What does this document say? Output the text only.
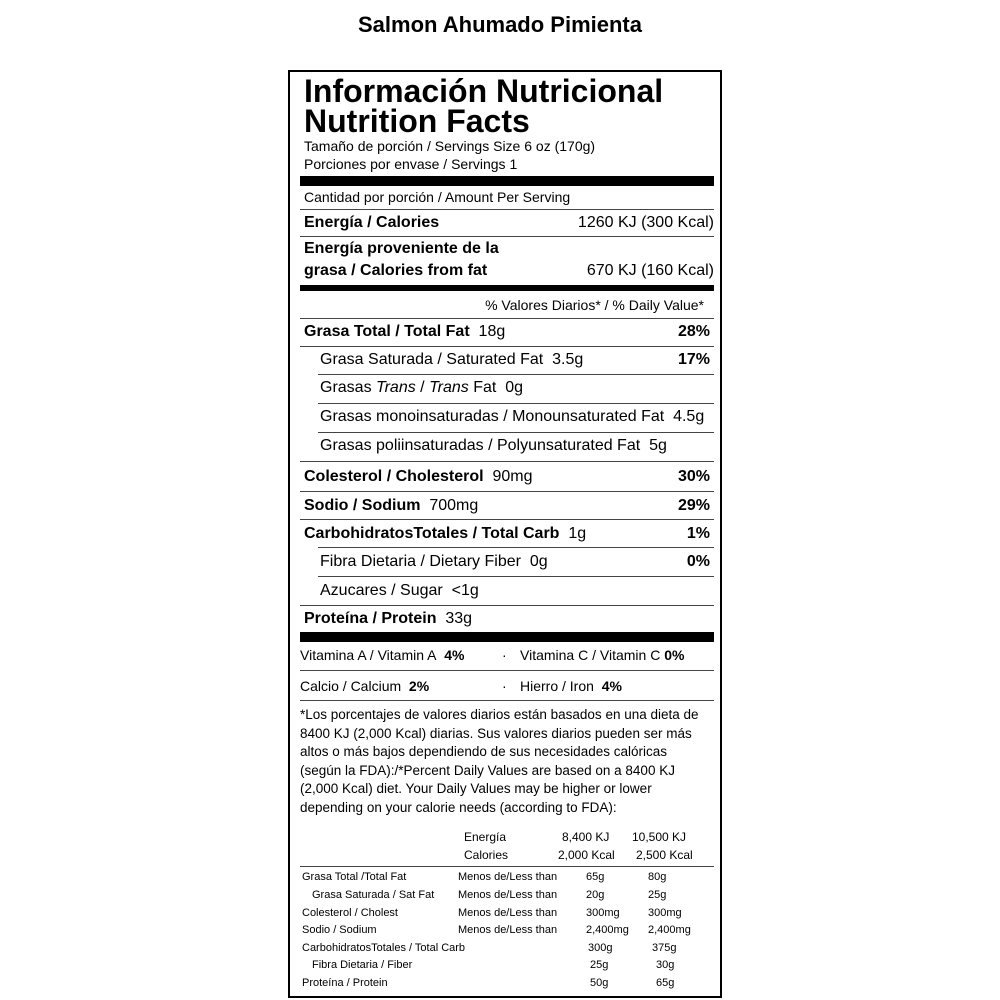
Salmon Ahumado Pimienta
Información Nutricional
Nutrition Facts
Tamaño de porción / Servings Size 6 oz (170g)
Porciones por envase / Servings 1
Cantidad por porción / Amount Per Serving
Energía / Calories	1260 KJ (300 Kcal)
Energía proveniente de la
grasa / Calories from fat	670 KJ (160 Kcal)
% Valores Diarios* / % Daily Value*
Grasa Total / Total Fat 18g	28%
Grasa Saturada / Saturated Fat 3.5g	17%
Grasas Trans / Trans Fat 0g
Grasas monoinsaturadas / Monounsaturated Fat 4.5g
Grasas poliinsaturadas / Polyunsaturated Fat 5g
Colesterol / Cholesterol 90mg	30%
Sodio / Sodium 700mg	29%
CarbohidratosTotales / Total Carb 1g	1%
Fibra Dietaria / Dietary Fiber 0g	0%
Azucares / Sugar <1g
Proteína / Protein 33g
Vitamina A / Vitamin A 4%	· Vitamina C / Vitamin C 0%
Calcio / Calcium 2%	· Hierro / Iron 4%
*Los porcentajes de valores diarios están basados en una dieta de 8400 KJ (2,000 Kcal) diarias. Sus valores diarios pueden ser más altos o más bajos dependiendo de sus necesidades calóricas (según la FDA):/*Percent Daily Values are based on a 8400 KJ (2,000 Kcal) diet. Your Daily Values may be higher or lower depending on your calorie needs (according to FDA):
Energía	8,400 KJ 10,500 KJ
Calories	2,000 Kcal 2,500 Kcal
Grasa Total /Total Fat	Menos de/Less than	65g	80g
Grasa Saturada / Sat Fat Menos de/Less than	20g	25g
Colesterol / Cholest	Menos de/Less than	300mg	300mg
Sodio / Sodium	Menos de/Less than	2,400mg 2,400mg
CarbohidratosTotales / Total Carb	300g	375g
Fibra Dietaria / Fiber	25g	30g
Proteína / Protein	50g	65g
